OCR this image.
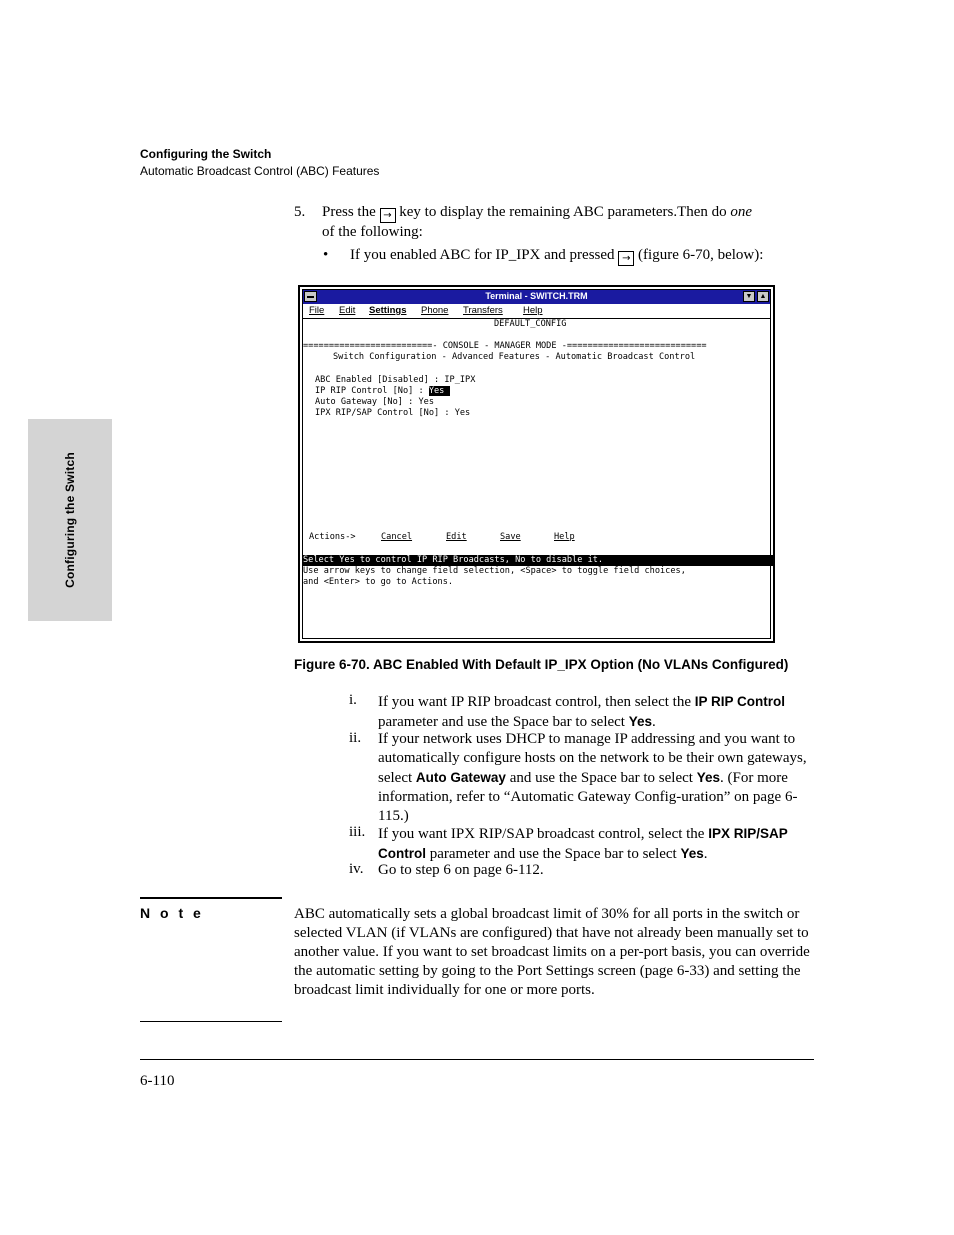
Configuring the Switch
Automatic Broadcast Control (ABC) Features
Configuring the Switch
5. Press the → key to display the remaining ABC parameters.Then do one
of the following:
• If you enabled ABC for IP_IPX and pressed → (figure 6-70, below):
Terminal - SWITCH.TRM	▼	▲
File Edit Settings Phone Transfers Help
DEFAULT_CONFIG
=========================- CONSOLE - MANAGER MODE -===========================
Switch Configuration - Advanced Features - Automatic Broadcast Control
ABC Enabled [Disabled] : IP_IPX
IP RIP Control [No] : Yes
Auto Gateway [No] : Yes
IPX RIP/SAP Control [No] : Yes
Actions->	Cancel	Edit	Save	Help
Select Yes to control IP RIP Broadcasts, No to disable it.
Use arrow keys to change field selection, <Space> to toggle field choices,
and <Enter> to go to Actions.
Figure 6-70. ABC Enabled With Default IP_IPX Option (No VLANs Configured)
i. If you want IP RIP broadcast control, then select the IP RIP Control parameter and use the Space bar to select Yes.
ii. If your network uses DHCP to manage IP addressing and you want to automatically configure hosts on the network to be their own gateways, select Auto Gateway and use the Space bar to select Yes. (For more information, refer to “Automatic Gateway Config-uration” on page 6-115.)
iii. If you want IPX RIP/SAP broadcast control, select the IPX RIP/SAP Control parameter and use the Space bar to select Yes.
iv. Go to step 6 on page 6-112.
N o t e	ABC automatically sets a global broadcast limit of 30% for all ports in the switch or selected VLAN (if VLANs are configured) that have not already been manually set to another value. If you want to set broadcast limits on a per-port basis, you can override the automatic setting by going to the Port Settings screen (page 6-33) and setting the broadcast limit individually for one or more ports.
6-110
